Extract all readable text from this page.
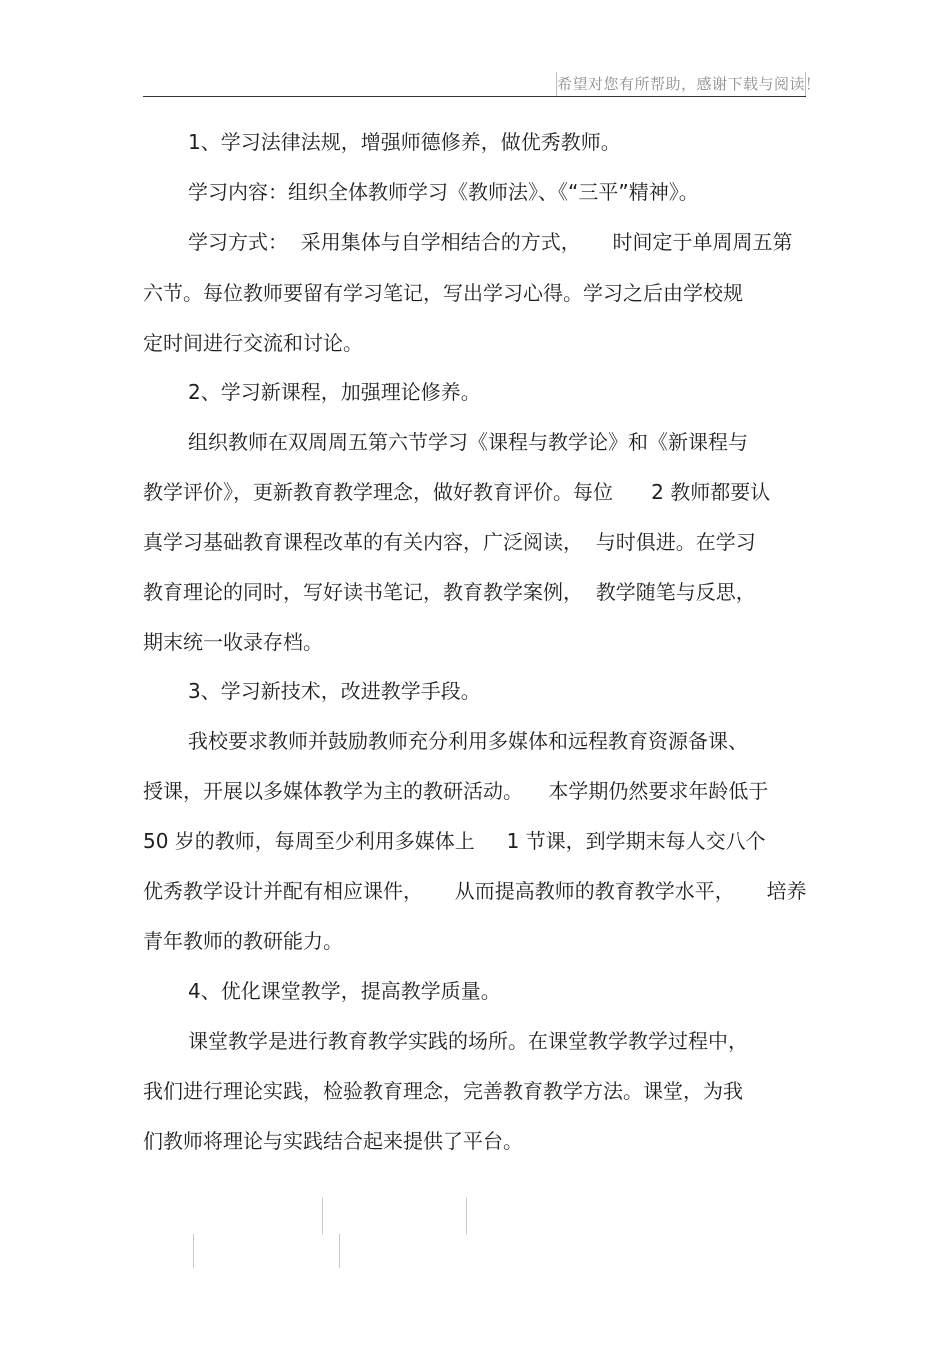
希望对您有所帮助，感谢下载与阅读！
1、学习法律法规，增强师德修养，做优秀教师。
学习内容：组织全体教师学习《教师法》、《“三平”精神》。
学习方式：  采用集体与自学相结合的方式，     时间定于单周周五第
六节。每位教师要留有学习笔记，写出学习心得。学习之后由学校规
定时间进行交流和讨论。
2、学习新课程，加强理论修养。
组织教师在双周周五第六节学习《课程与教学论》和《新课程与
教学评价》，更新教育教学理念，做好教育评价。每位      2 教师都要认
真学习基础教育课程改革的有关内容，广泛阅读，  与时俱进。在学习
教育理论的同时，写好读书笔记，教育教学案例，  教学随笔与反思，
期末统一收录存档。
3、学习新技术，改进教学手段。
我校要求教师并鼓励教师充分利用多媒体和远程教育资源备课、
授课，开展以多媒体教学为主的教研活动。    本学期仍然要求年龄低于
50 岁的教师，每周至少利用多媒体上     1 节课，到学期末每人交八个
优秀教学设计并配有相应课件，     从而提高教师的教育教学水平，     培养
青年教师的教研能力。
4、优化课堂教学，提高教学质量。
课堂教学是进行教育教学实践的场所。在课堂教学教学过程中，
我们进行理论实践，检验教育理念，完善教育教学方法。课堂，为我
们教师将理论与实践结合起来提供了平台。
